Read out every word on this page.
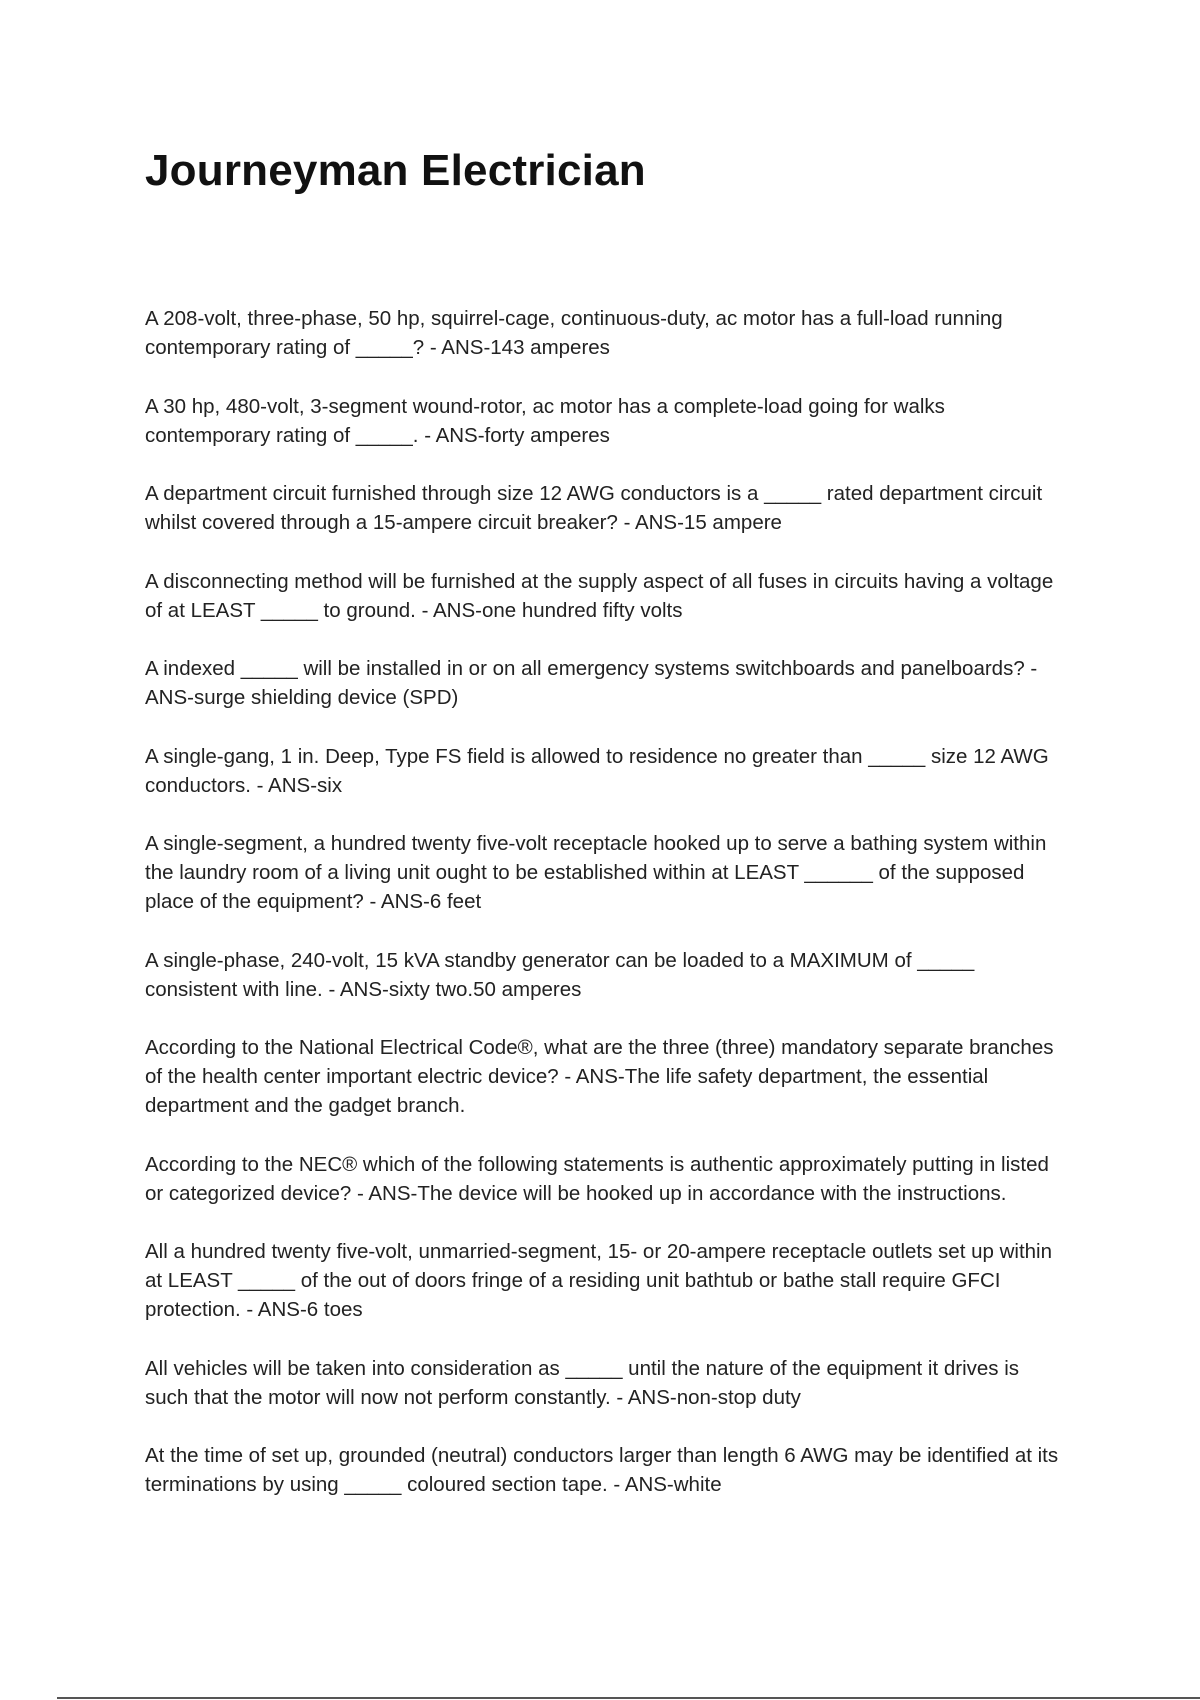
Journeyman Electrician

A 208-volt, three-phase, 50 hp, squirrel-cage, continuous-duty, ac motor has a full-load running contemporary rating of _____? - ANS-143 amperes

A 30 hp, 480-volt, 3-segment wound-rotor, ac motor has a complete-load going for walks contemporary rating of _____. - ANS-forty amperes

A department circuit furnished through size 12 AWG conductors is a _____ rated department circuit whilst covered through a 15-ampere circuit breaker? - ANS-15 ampere

A disconnecting method will be furnished at the supply aspect of all fuses in circuits having a voltage of at LEAST _____ to ground. - ANS-one hundred fifty volts

A indexed _____ will be installed in or on all emergency systems switchboards and panelboards? - ANS-surge shielding device (SPD)

A single-gang, 1 in. Deep, Type FS field is allowed to residence no greater than _____ size 12 AWG conductors. - ANS-six

A single-segment, a hundred twenty five-volt receptacle hooked up to serve a bathing system within the laundry room of a living unit ought to be established within at LEAST ______ of the supposed place of the equipment? - ANS-6 feet

A single-phase, 240-volt, 15 kVA standby generator can be loaded to a MAXIMUM of _____ consistent with line. - ANS-sixty two.50 amperes

According to the National Electrical Code®, what are the three (three) mandatory separate branches of the health center important electric device? - ANS-The life safety department, the essential department and the gadget branch.

According to the NEC® which of the following statements is authentic approximately putting in listed or categorized device? - ANS-The device will be hooked up in accordance with the instructions.

All a hundred twenty five-volt, unmarried-segment, 15- or 20-ampere receptacle outlets set up within at LEAST _____ of the out of doors fringe of a residing unit bathtub or bathe stall require GFCI protection. - ANS-6 toes

All vehicles will be taken into consideration as _____ until the nature of the equipment it drives is such that the motor will now not perform constantly. - ANS-non-stop duty

At the time of set up, grounded (neutral) conductors larger than length 6 AWG may be identified at its terminations by using _____ coloured section tape. - ANS-white
